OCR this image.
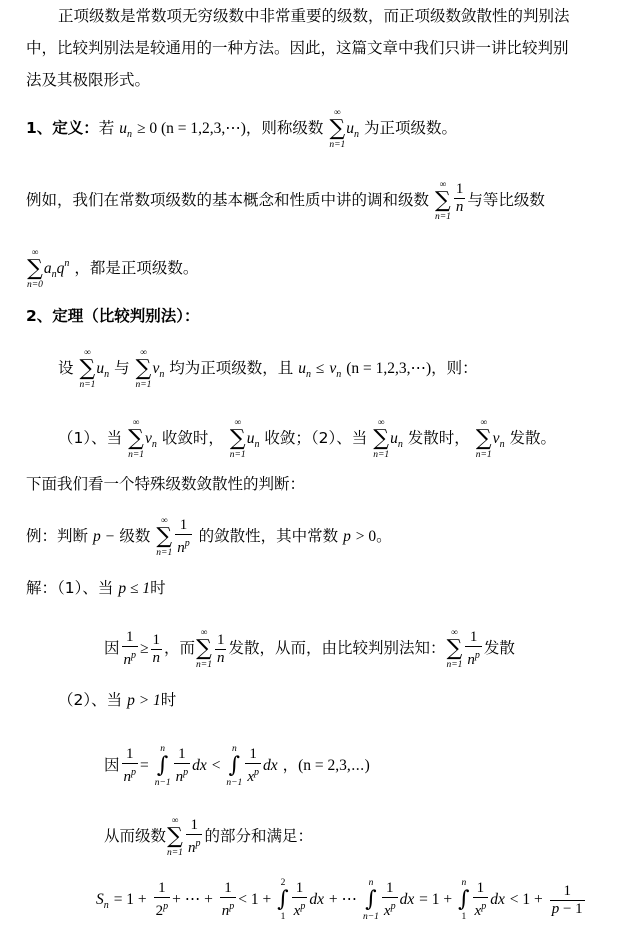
正项级数是常数项无穷级数中非常重要的级数，而正项级数敛散性的判别法
中，比较判别法是较通用的一种方法。因此，这篇文章中我们只讲一讲比较判别
法及其极限形式。
1、定义：若 $u_n \ge 0$ (n = 1,2,3,⋯)，则称级数
∞
∑
n=1
$u_n$ 为正项级数。
例如，我们在常数项级数的基本概念和性质中讲的调和级数
∞
∑
n=1
$\frac{1}{n}$ 与等比级数
∞
∑
n=0
$a_nq^n$ ，都是正项级数。
2、定理（比较判别法）：
设
∞
∑
n=1
$u_n$ 与
∞
∑
n=1
$v_n$ 均为正项级数，且 $u_n \le v_n$ (n = 1,2,3,⋯)，则：
（1）、当
∞
∑
n=1
$v_n$ 收敛时，
∞
∑
n=1
$u_n$ 收敛；（2）、当
∞
∑
n=1
$u_n$ 发散时，
∞
∑
n=1
$v_n$ 发散。
下面我们看一个特殊级数敛散性的判断：
例：判断 p − 级数
∞
∑
$n=1 \frac{1}{n^p}$ 的敛散性，其中常数 p > 0。
解：（1）、当 p ≤ 1时
因 $\frac{1}{n^p} \ge \frac{1}{n}$ ，而
∞
∑
$n=1 \frac{1}{n}$ 发散，从而，由比较判别法知：
∞
∑
$n=1 \frac{1}{n^p}$ 发散
（2）、当 p > 1时
因 $\frac{1}{n^p}$ =
n
∫
$n-1 \frac{1}{n^p}$ dx <
n
∫
$n-1 \frac{1}{x^p}$ dx ，(n = 2,3,⋯)
从而级数
∞
∑
$n=1 \frac{1}{n^p}$ 的部分和满足：
$S_n = 1 + \frac{1}{2^p}$ + ⋯ + $\frac{1}{n^p} < 1$ +
2
∫
$1 \frac{1}{x^p}$ dx + ⋯
n
∫
$n-1 \frac{1}{x^p}$ dx = 1 +
n
∫
$1 \frac{1}{x^p}$ dx < $1 + \frac{1}{p - 1}$
